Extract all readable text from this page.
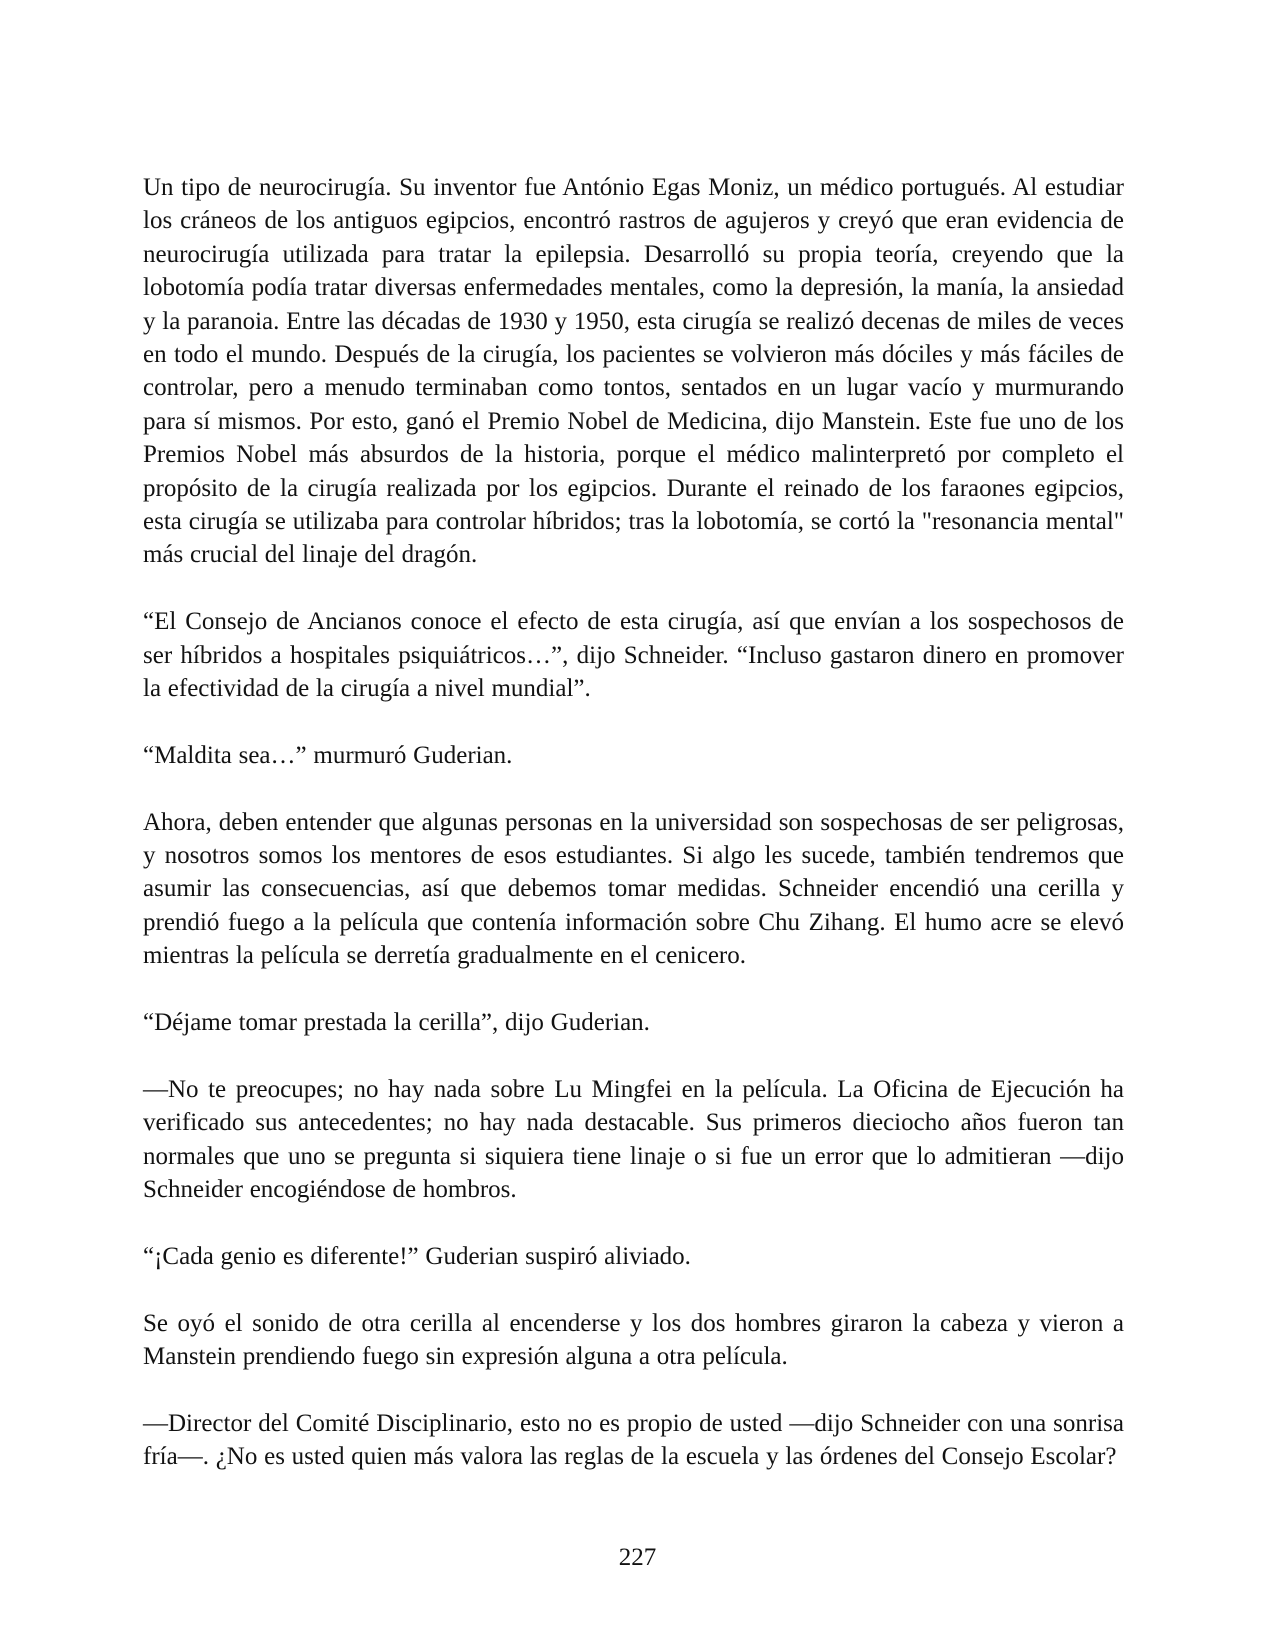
Un tipo de neurocirugía. Su inventor fue António Egas Moniz, un médico portugués. Al estudiar los cráneos de los antiguos egipcios, encontró rastros de agujeros y creyó que eran evidencia de neurocirugía utilizada para tratar la epilepsia. Desarrolló su propia teoría, creyendo que la lobotomía podía tratar diversas enfermedades mentales, como la depresión, la manía, la ansiedad y la paranoia. Entre las décadas de 1930 y 1950, esta cirugía se realizó decenas de miles de veces en todo el mundo. Después de la cirugía, los pacientes se volvieron más dóciles y más fáciles de controlar, pero a menudo terminaban como tontos, sentados en un lugar vacío y murmurando para sí mismos. Por esto, ganó el Premio Nobel de Medicina, dijo Manstein. Este fue uno de los Premios Nobel más absurdos de la historia, porque el médico malinterpretó por completo el propósito de la cirugía realizada por los egipcios. Durante el reinado de los faraones egipcios, esta cirugía se utilizaba para controlar híbridos; tras la lobotomía, se cortó la "resonancia mental" más crucial del linaje del dragón.

“El Consejo de Ancianos conoce el efecto de esta cirugía, así que envían a los sospechosos de ser híbridos a hospitales psiquiátricos…”, dijo Schneider. “Incluso gastaron dinero en promover la efectividad de la cirugía a nivel mundial”.

“Maldita sea…” murmuró Guderian.

Ahora, deben entender que algunas personas en la universidad son sospechosas de ser peligrosas, y nosotros somos los mentores de esos estudiantes. Si algo les sucede, también tendremos que asumir las consecuencias, así que debemos tomar medidas. Schneider encendió una cerilla y prendió fuego a la película que contenía información sobre Chu Zihang. El humo acre se elevó mientras la película se derretía gradualmente en el cenicero.

“Déjame tomar prestada la cerilla”, dijo Guderian.

—No te preocupes; no hay nada sobre Lu Mingfei en la película. La Oficina de Ejecución ha verificado sus antecedentes; no hay nada destacable. Sus primeros dieciocho años fueron tan normales que uno se pregunta si siquiera tiene linaje o si fue un error que lo admitieran —dijo Schneider encogiéndose de hombros.

“¡Cada genio es diferente!” Guderian suspiró aliviado.

Se oyó el sonido de otra cerilla al encenderse y los dos hombres giraron la cabeza y vieron a Manstein prendiendo fuego sin expresión alguna a otra película.

—Director del Comité Disciplinario, esto no es propio de usted —dijo Schneider con una sonrisa fría—. ¿No es usted quien más valora las reglas de la escuela y las órdenes del Consejo Escolar?

227
